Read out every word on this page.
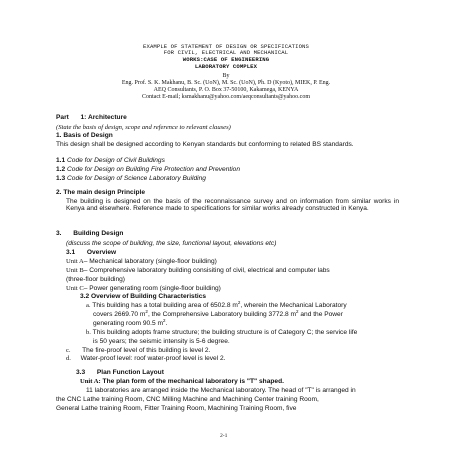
EXAMPLE OF STATEMENT OF DESIGN OR SPECIFICATIONS
FOR CIVIL, ELECTRICAL AND MECHANICAL
WORKS:CASE OF ENGINEERING
LABORATORY COMPLEX
By
Eng. Prof. S. K. Makhanu, B. Sc. (UoN), M. Sc. (UoN), Ph. D (Kyoto), MIEK, P. Eng.
AEQ Consultants, P. O. Box 37-50100, Kakamega, KENYA
Contact E-mail; ksmakhanu@yahoo.com/aeqconsultants@yahoo.com
Part 1: Architecture
(State the basis of design, scope and reference to relevant clauses)
1. Basis of Design
This design shall be designed according to Kenyan standards but conforming to related BS standards.
1.1 Code for Design of Civil Buildings
1.2 Code for Design on Building Fire Protection and Prevention
1.3 Code for Design of Science Laboratory Building
2. The main design Principle
The building is designed on the basis of the reconnaissance survey and on information from similar works in Kenya and elsewhere. Reference made to specifications for similar works already constructed in Kenya.
3. Building Design
(discuss the scope of building, the size, functional layout, elevations etc)
3.1 Overview
Unit A– Mechanical laboratory (single-floor building)
Unit B– Comprehensive laboratory building consisiting of civil, electrical and computer labs
(three-floor building)
Unit C– Power generating room (single-floor building)
3.2 Overview of Building Characteristics
a. This building has a total building area of 6502.8 $m^2$, wherein the Mechanical Laboratory
covers 2669.70 $m^2$, the Comprehensive Laboratory building 3772.8 $m^2$ and the Power
generating room 90.5 $m^2$.
b. This building adopts frame structure; the building structure is of Category C; the service life
is 50 years; the seismic intensity is 5-6 degree.
c. The fire-proof level of this building is level 2.
d. Water-proof level: roof water-proof level is level 2.
3.3 Plan Function Layout
Unit A: The plan form of the mechanical laboratory is "T" shaped.
11 laboratories are arranged inside the Mechanical laboratory. The head of "T" is arranged in
the CNC Lathe training Room, CNC Milling Machine and Machining Center training Room,
General Lathe training Room, Fitter Training Room, Machining Training Room, five
2-1
